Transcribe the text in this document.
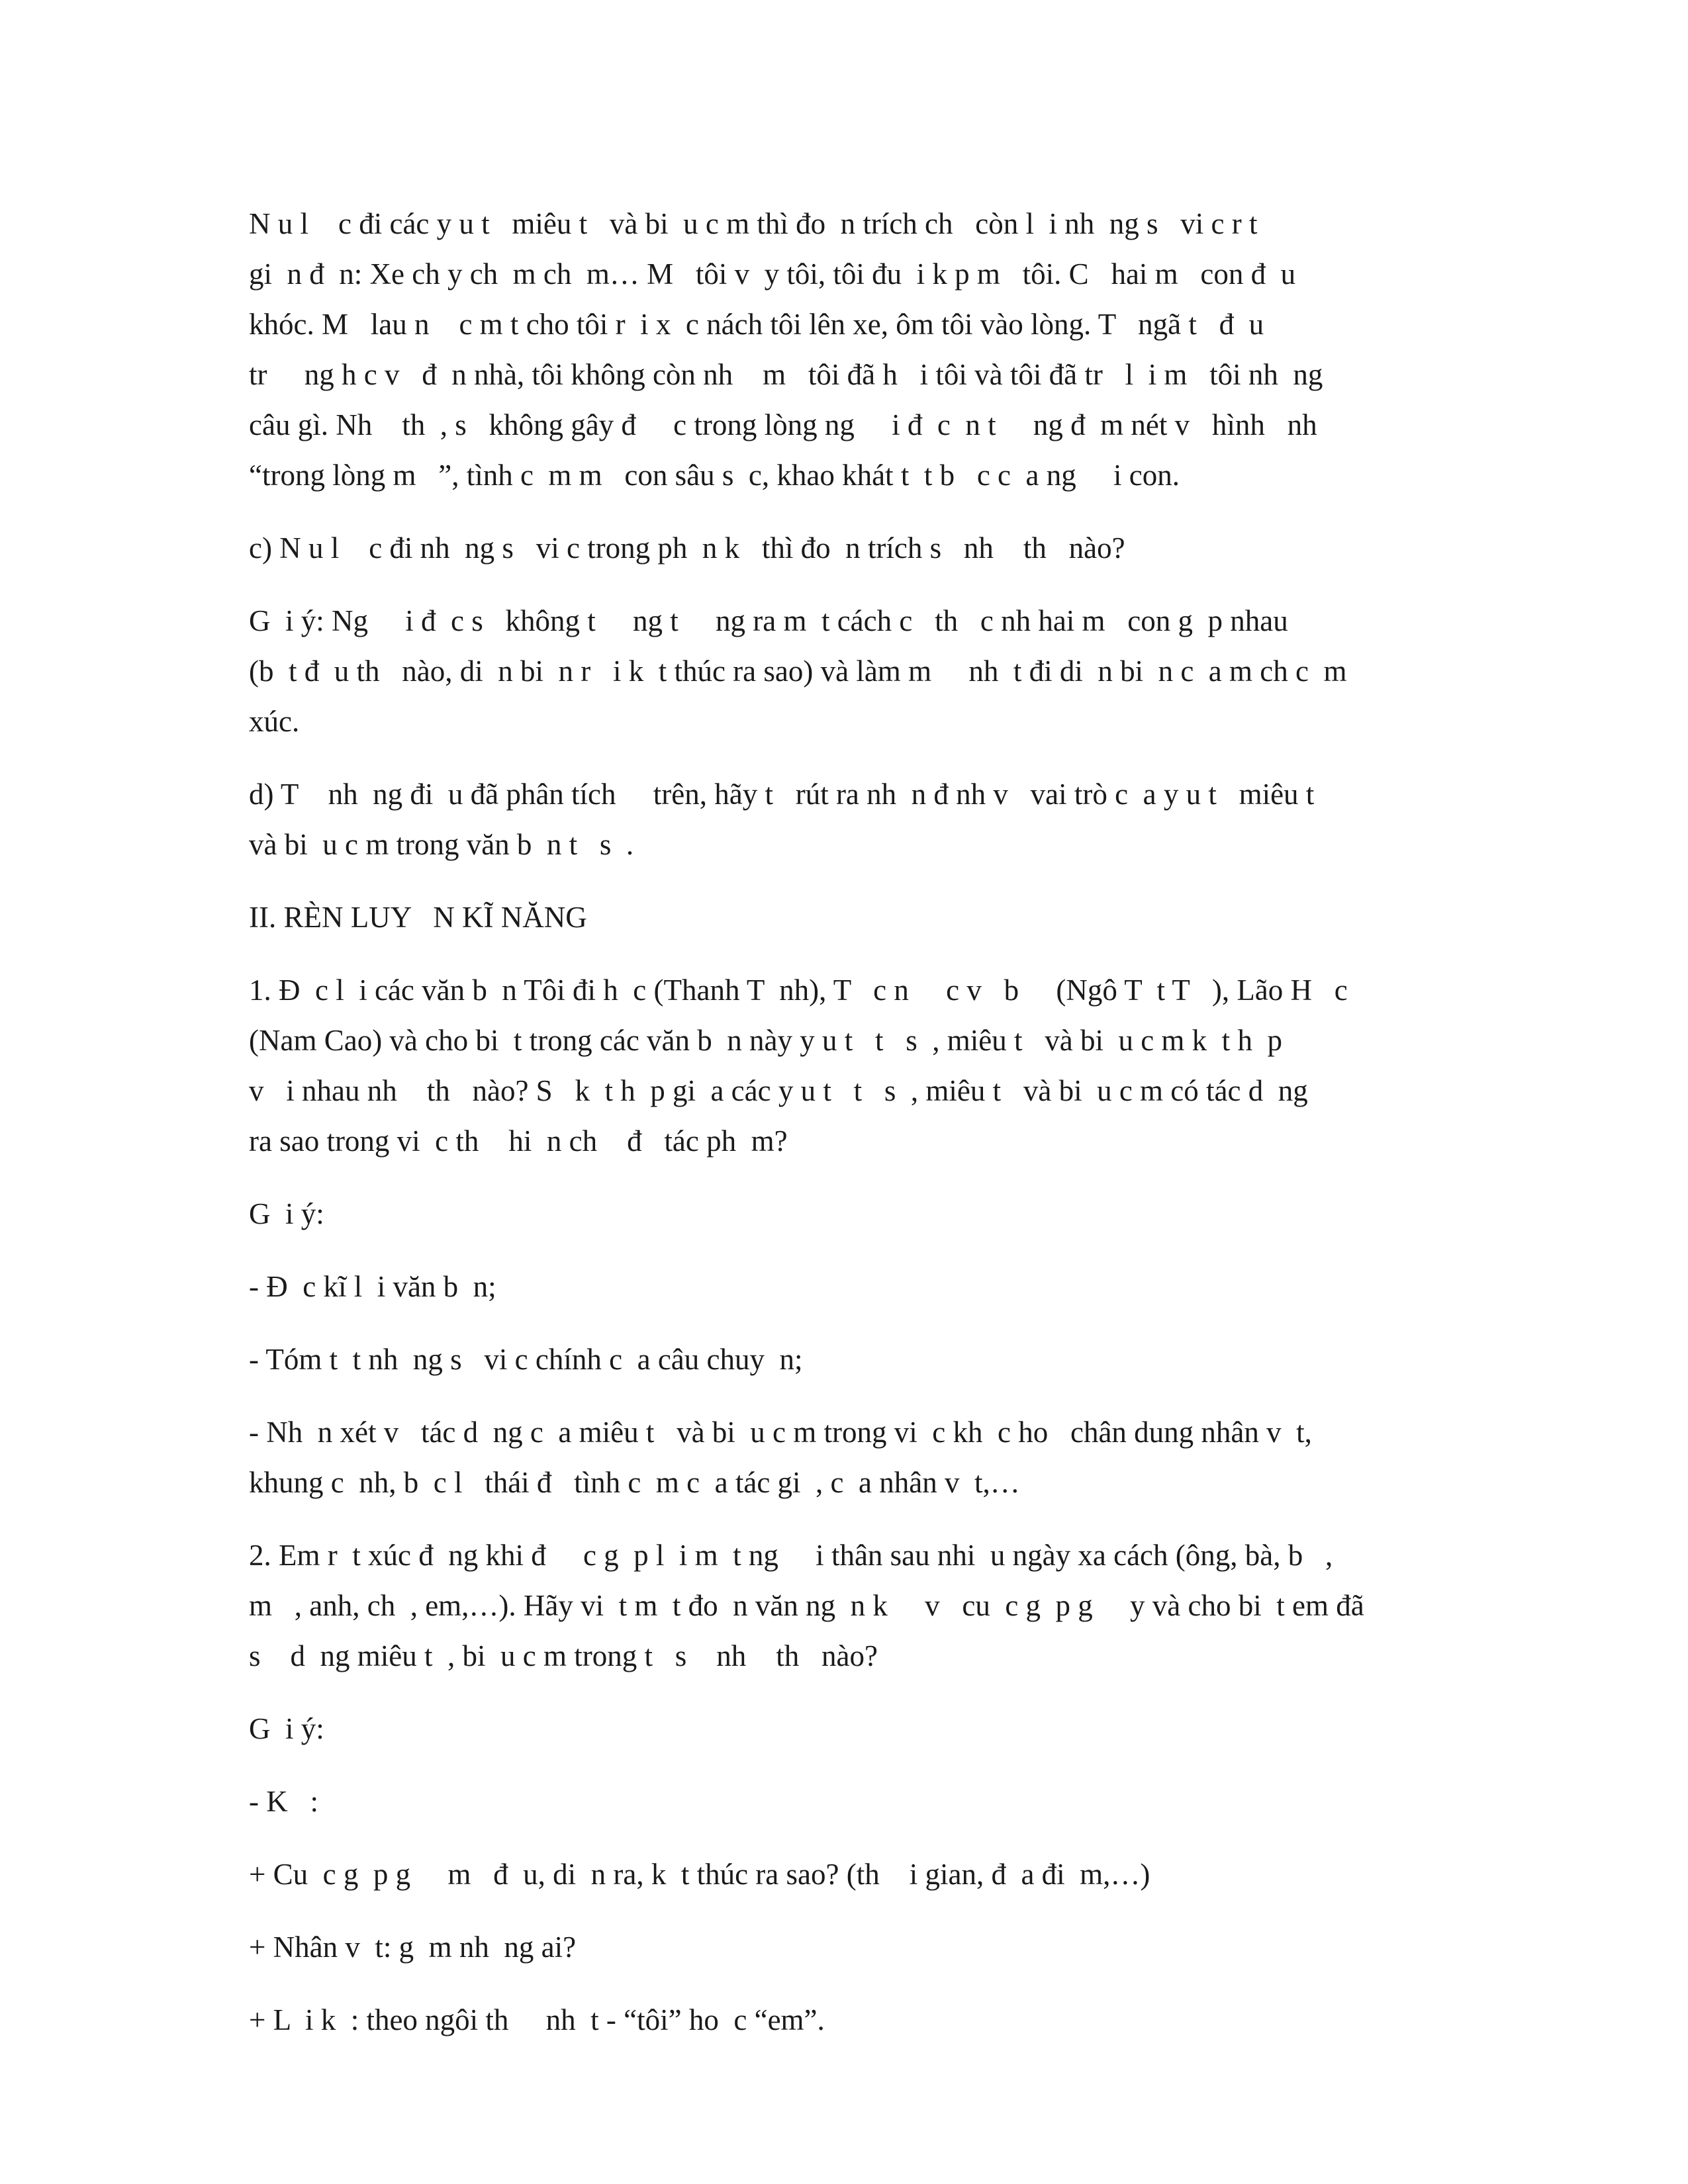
N u l    c đi các y u t   miêu t   và bi  u c m thì đo  n trích ch   còn l  i nh  ng s   vi c r t
gi  n đ  n: Xe ch y ch  m ch  m… M   tôi v  y tôi, tôi đu  i k p m   tôi. C   hai m   con đ  u
khóc. M   lau n    c m t cho tôi r  i x  c nách tôi lên xe, ôm tôi vào lòng. T   ngã t   đ  u
tr     ng h c v   đ  n nhà, tôi không còn nh    m   tôi đã h   i tôi và tôi đã tr   l  i m   tôi nh  ng
câu gì. Nh    th  , s   không gây đ     c trong lòng ng     i đ  c  n t     ng đ  m nét v   hình   nh
“trong lòng m   ”, tình c  m m   con sâu s  c, khao khát t  t b   c c  a ng     i con.
c) N u l    c đi nh  ng s   vi c trong ph  n k   thì đo  n trích s   nh    th   nào?
G  i ý: Ng     i đ  c s   không t     ng t     ng ra m  t cách c   th   c nh hai m   con g  p nhau
(b  t đ  u th   nào, di  n bi  n r   i k  t thúc ra sao) và làm m     nh  t đi di  n bi  n c  a m ch c  m
xúc.
d) T    nh  ng đi  u đã phân tích     trên, hãy t   rút ra nh  n đ nh v   vai trò c  a y u t   miêu t
và bi  u c m trong văn b  n t   s  .
II. RÈN LUY   N KĨ NĂNG
1. Đ  c l  i các văn b  n Tôi đi h  c (Thanh T  nh), T   c n     c v   b     (Ngô T  t T   ), Lão H   c
(Nam Cao) và cho bi  t trong các văn b  n này y u t   t   s  , miêu t   và bi  u c m k  t h  p
v   i nhau nh    th   nào? S   k  t h  p gi  a các y u t   t   s  , miêu t   và bi  u c m có tác d  ng
ra sao trong vi  c th    hi  n ch    đ   tác ph  m?
G  i ý:
- Đ  c kĩ l  i văn b  n;
- Tóm t  t nh  ng s   vi c chính c  a câu chuy  n;
- Nh  n xét v   tác d  ng c  a miêu t   và bi  u c m trong vi  c kh  c ho   chân dung nhân v  t,
khung c  nh, b  c l   thái đ   tình c  m c  a tác gi  , c  a nhân v  t,…
2. Em r  t xúc đ  ng khi đ     c g  p l  i m  t ng     i thân sau nhi  u ngày xa cách (ông, bà, b   ,
m   , anh, ch  , em,…). Hãy vi  t m  t đo  n văn ng  n k     v   cu  c g  p g     y và cho bi  t em đã
s    d  ng miêu t  , bi  u c m trong t   s    nh    th   nào?
G  i ý:
- K   :
+ Cu  c g  p g     m   đ  u, di  n ra, k  t thúc ra sao? (th    i gian, đ  a đi  m,…)
+ Nhân v  t: g  m nh  ng ai?
+ L  i k  : theo ngôi th     nh  t - “tôi” ho  c “em”.
